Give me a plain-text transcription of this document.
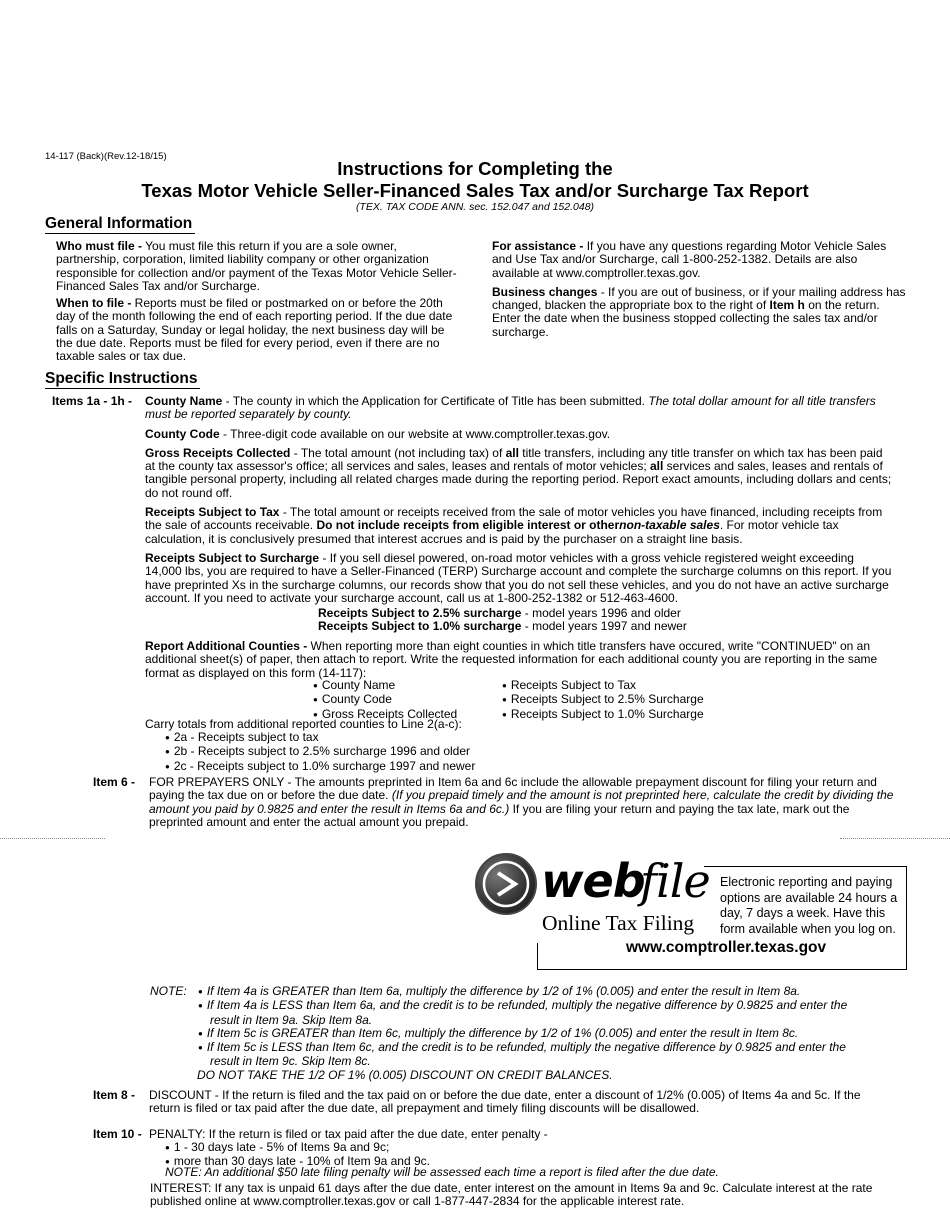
14-117 (Back)(Rev.12-18/15)
Instructions for Completing the
Texas Motor Vehicle Seller-Financed Sales Tax and/or Surcharge Tax Report
(TEX. TAX CODE ANN. sec. 152.047 and 152.048)
General Information

Who must file - You must file this return if you are a sole owner, partnership, corporation, limited liability company or other organization responsible for collection and/or payment of the Texas Motor Vehicle Seller-Financed Sales Tax and/or Surcharge.

When to file - Reports must be filed or postmarked on or before the 20th day of the month following the end of each reporting period. If the due date falls on a Saturday, Sunday or legal holiday, the next business day will be the due date. Reports must be filed for every period, even if there are no taxable sales or tax due.

For assistance - If you have any questions regarding Motor Vehicle Sales and Use Tax and/or Surcharge, call 1-800-252-1382. Details are also available at www.comptroller.texas.gov.

Business changes - If you are out of business, or if your mailing address has changed, blacken the appropriate box to the right of Item h on the return. Enter the date when the business stopped collecting the sales tax and/or surcharge.

Specific Instructions
Items 1a - 1h - County Name - The county in which the Application for Certificate of Title has been submitted. The total dollar amount for all title transfers must be reported separately by county.

County Code - Three-digit code available on our website at www.comptroller.texas.gov.

Gross Receipts Collected - The total amount (not including tax) of all title transfers, including any title transfer on which tax has been paid at the county tax assessor's office; all services and sales, leases and rentals of motor vehicles; all services and sales, leases and rentals of tangible personal property, including all related charges made during the reporting period. Report exact amounts, including dollars and cents; do not round off.

Receipts Subject to Tax - The total amount or receipts received from the sale of motor vehicles you have financed, including receipts from the sale of accounts receivable. Do not include receipts from eligible interest or othernon-taxable sales. For motor vehicle tax calculation, it is conclusively presumed that interest accrues and is paid by the purchaser on a straight line basis.

Receipts Subject to Surcharge - If you sell diesel powered, on-road motor vehicles with a gross vehicle registered weight exceeding 14,000 lbs, you are required to have a Seller-Financed (TERP) Surcharge account and complete the surcharge columns on this report. If you have preprinted Xs in the surcharge columns, our records show that you do not sell these vehicles, and you do not have an active surcharge account. If you need to activate your surcharge account, call us at 1-800-252-1382 or 512-463-4600.

Receipts Subject to 2.5% surcharge - model years 1996 and older
Receipts Subject to 1.0% surcharge - model years 1997 and newer

Report Additional Counties - When reporting more than eight counties in which title transfers have occured, write "CONTINUED" on an additional sheet(s) of paper, then attach to report. Write the requested information for each additional county you are reporting in the same format as displayed on this form (14-117):

● County Name
● County Code
● Gross Receipts Collected
● Receipts Subject to Tax
● Receipts Subject to 2.5% Surcharge
● Receipts Subject to 1.0% Surcharge
Carry totals from additional reported counties to Line 2(a-c):
● 2a - Receipts subject to tax
● 2b - Receipts subject to 2.5% surcharge 1996 and older
● 2c - Receipts subject to 1.0% surcharge 1997 and newer
Item 6 - FOR PREPAYERS ONLY - The amounts preprinted in Item 6a and 6c include the allowable prepayment discount for filing your return and paying the tax due on or before the due date. (If you prepaid timely and the amount is not preprinted here, calculate the credit by dividing the amount you paid by 0.9825 and enter the result in Items 6a and 6c.) If you are filing your return and paying the tax late, mark out the preprinted amount and enter the actual amount you prepaid.
web
file
Online Tax Filing
Electronic reporting and paying options are available 24 hours a day, 7 days a week. Have this form available when you log on.
www.comptroller.texas.gov
NOTE:
●	If Item 4a is GREATER than Item 6a, multiply the difference by 1/2 of 1% (0.005) and enter the result in Item 8a.
● If Item 4a is LESS than Item 6a, and the credit is to be refunded, multiply the negative difference by 0.9825 and enter the result in Item 9a. Skip Item 8a.
● If Item 5c is GREATER than Item 6c, multiply the difference by 1/2 of 1% (0.005) and enter the result in Item 8c.
● If Item 5c is LESS than Item 6c, and the credit is to be refunded, multiply the negative difference by 0.9825 and enter the result in Item 9c. Skip Item 8c.
DO NOT TAKE THE 1/2 OF 1% (0.005) DISCOUNT ON CREDIT BALANCES.
Item 8 - DISCOUNT - If the return is filed and the tax paid on or before the due date, enter a discount of 1/2% (0.005) of Items 4a and 5c. If the return is filed or tax paid after the due date, all prepayment and timely filing discounts will be disallowed.
Item 10 - PENALTY: If the return is filed or tax paid after the due date, enter penalty -
● 1 - 30 days late - 5% of Items 9a and 9c;
● more than 30 days late - 10% of Item 9a and 9c.
NOTE: An additional $50 late filing penalty will be assessed each time a report is filed after the due date.
INTEREST: If any tax is unpaid 61 days after the due date, enter interest on the amount in Items 9a and 9c. Calculate interest at the rate published online at www.comptroller.texas.gov or call 1-877-447-2834 for the applicable interest rate.
